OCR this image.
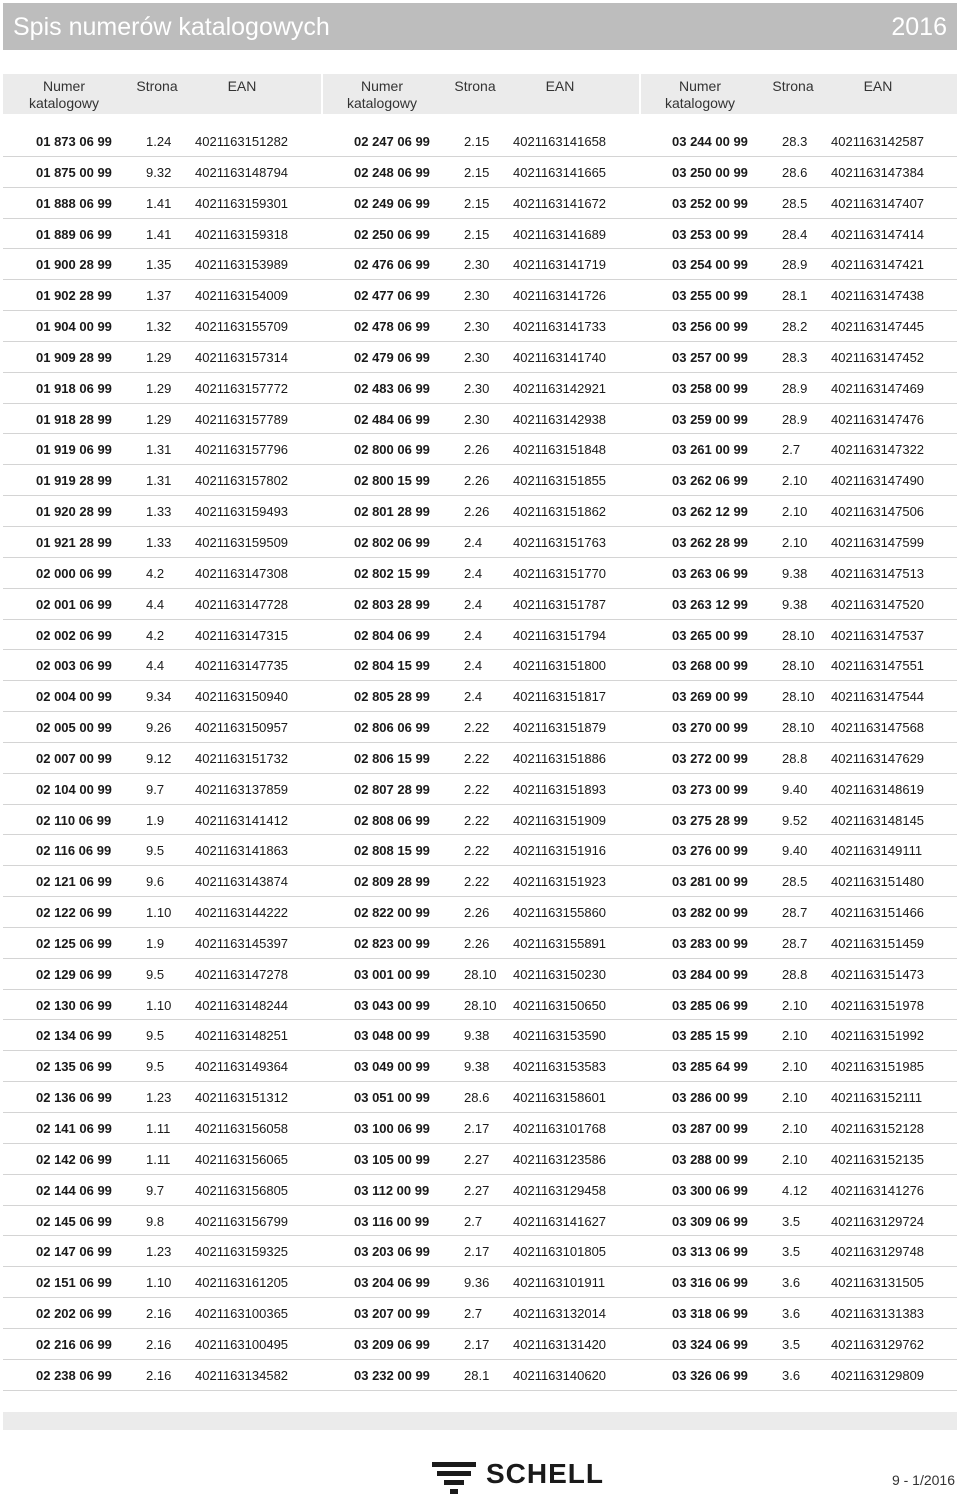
Spis numerów katalogowych	2016
Numer katalogowy
Strona	EAN
01 873 06 99	1.24 4021163151282
01 875 00 99	9.32 4021163148794
01 888 06 99	1.41 4021163159301
01 889 06 99	1.41 4021163159318
01 900 28 99	1.35 4021163153989
01 902 28 99	1.37 4021163154009
01 904 00 99	1.32 4021163155709
01 909 28 99	1.29 4021163157314
01 918 06 99	1.29 4021163157772
01 918 28 99	1.29 4021163157789
01 919 06 99	1.31 4021163157796
01 919 28 99	1.31 4021163157802
01 920 28 99	1.33 4021163159493
01 921 28 99	1.33 4021163159509
02 000 06 99	4.2 4021163147308
02 001 06 99	4.4 4021163147728
02 002 06 99	4.2 4021163147315
02 003 06 99	4.4 4021163147735
02 004 00 99	9.34 4021163150940
02 005 00 99	9.26 4021163150957
02 007 00 99	9.12 4021163151732
02 104 00 99	9.7 4021163137859
02 110 06 99	1.9 4021163141412
02 116 06 99	9.5 4021163141863
02 121 06 99	9.6 4021163143874
02 122 06 99	1.10 4021163144222
02 125 06 99	1.9 4021163145397
02 129 06 99	9.5 4021163147278
02 130 06 99	1.10 4021163148244
02 134 06 99	9.5 4021163148251
02 135 06 99	9.5 4021163149364
02 136 06 99	1.23 4021163151312
02 141 06 99	1.11 4021163156058
02 142 06 99	1.11 4021163156065
02 144 06 99	9.7 4021163156805
02 145 06 99	9.8 4021163156799
02 147 06 99	1.23 4021163159325
02 151 06 99	1.10 4021163161205
02 202 06 99	2.16 4021163100365
02 216 06 99	2.16 4021163100495
02 238 06 99	2.16 4021163134582
Numer katalogowy
Strona	EAN
02 247 06 99	2.15 4021163141658
02 248 06 99	2.15 4021163141665
02 249 06 99	2.15 4021163141672
02 250 06 99	2.15 4021163141689
02 476 06 99	2.30 4021163141719
02 477 06 99	2.30 4021163141726
02 478 06 99	2.30 4021163141733
02 479 06 99	2.30 4021163141740
02 483 06 99	2.30 4021163142921
02 484 06 99	2.30 4021163142938
02 800 06 99	2.26 4021163151848
02 800 15 99	2.26 4021163151855
02 801 28 99	2.26 4021163151862
02 802 06 99	2.4 4021163151763
02 802 15 99	2.4 4021163151770
02 803 28 99	2.4 4021163151787
02 804 06 99	2.4 4021163151794
02 804 15 99	2.4 4021163151800
02 805 28 99	2.4 4021163151817
02 806 06 99	2.22 4021163151879
02 806 15 99	2.22 4021163151886
02 807 28 99	2.22 4021163151893
02 808 06 99	2.22 4021163151909
02 808 15 99	2.22 4021163151916
02 809 28 99	2.22 4021163151923
02 822 00 99	2.26 4021163155860
02 823 00 99	2.26 4021163155891
03 001 00 99	28.10 4021163150230
03 043 00 99	28.10 4021163150650
03 048 00 99	9.38 4021163153590
03 049 00 99	9.38 4021163153583
03 051 00 99	28.6 4021163158601
03 100 06 99	2.17 4021163101768
03 105 00 99	2.27 4021163123586
03 112 00 99	2.27 4021163129458
03 116 00 99	2.7 4021163141627
03 203 06 99	2.17 4021163101805
03 204 06 99	9.36 4021163101911
03 207 00 99	2.7 4021163132014
03 209 06 99	2.17 4021163131420
03 232 00 99	28.1 4021163140620
Numer katalogowy
Strona	EAN
03 244 00 99	28.3 4021163142587
03 250 00 99	28.6 4021163147384
03 252 00 99	28.5 4021163147407
03 253 00 99	28.4 4021163147414
03 254 00 99	28.9 4021163147421
03 255 00 99	28.1 4021163147438
03 256 00 99	28.2 4021163147445
03 257 00 99	28.3 4021163147452
03 258 00 99	28.9 4021163147469
03 259 00 99	28.9 4021163147476
03 261 00 99	2.7 4021163147322
03 262 06 99	2.10 4021163147490
03 262 12 99	2.10 4021163147506
03 262 28 99	2.10 4021163147599
03 263 06 99	9.38 4021163147513
03 263 12 99	9.38 4021163147520
03 265 00 99	28.10 4021163147537
03 268 00 99	28.10 4021163147551
03 269 00 99	28.10 4021163147544
03 270 00 99	28.10 4021163147568
03 272 00 99	28.8 4021163147629
03 273 00 99	9.40 4021163148619
03 275 28 99	9.52 4021163148145
03 276 00 99	9.40 4021163149111
03 281 00 99	28.5 4021163151480
03 282 00 99	28.7 4021163151466
03 283 00 99	28.7 4021163151459
03 284 00 99	28.8 4021163151473
03 285 06 99	2.10 4021163151978
03 285 15 99	2.10 4021163151992
03 285 64 99	2.10 4021163151985
03 286 00 99	2.10 4021163152111
03 287 00 99	2.10 4021163152128
03 288 00 99	2.10 4021163152135
03 300 06 99	4.12 4021163141276
03 309 06 99	3.5 4021163129724
03 313 06 99	3.5 4021163129748
03 316 06 99	3.6 4021163131505
03 318 06 99	3.6 4021163131383
03 324 06 99	3.5 4021163129762
03 326 06 99	3.6 4021163129809
SCHELL	9 - 1/2016
